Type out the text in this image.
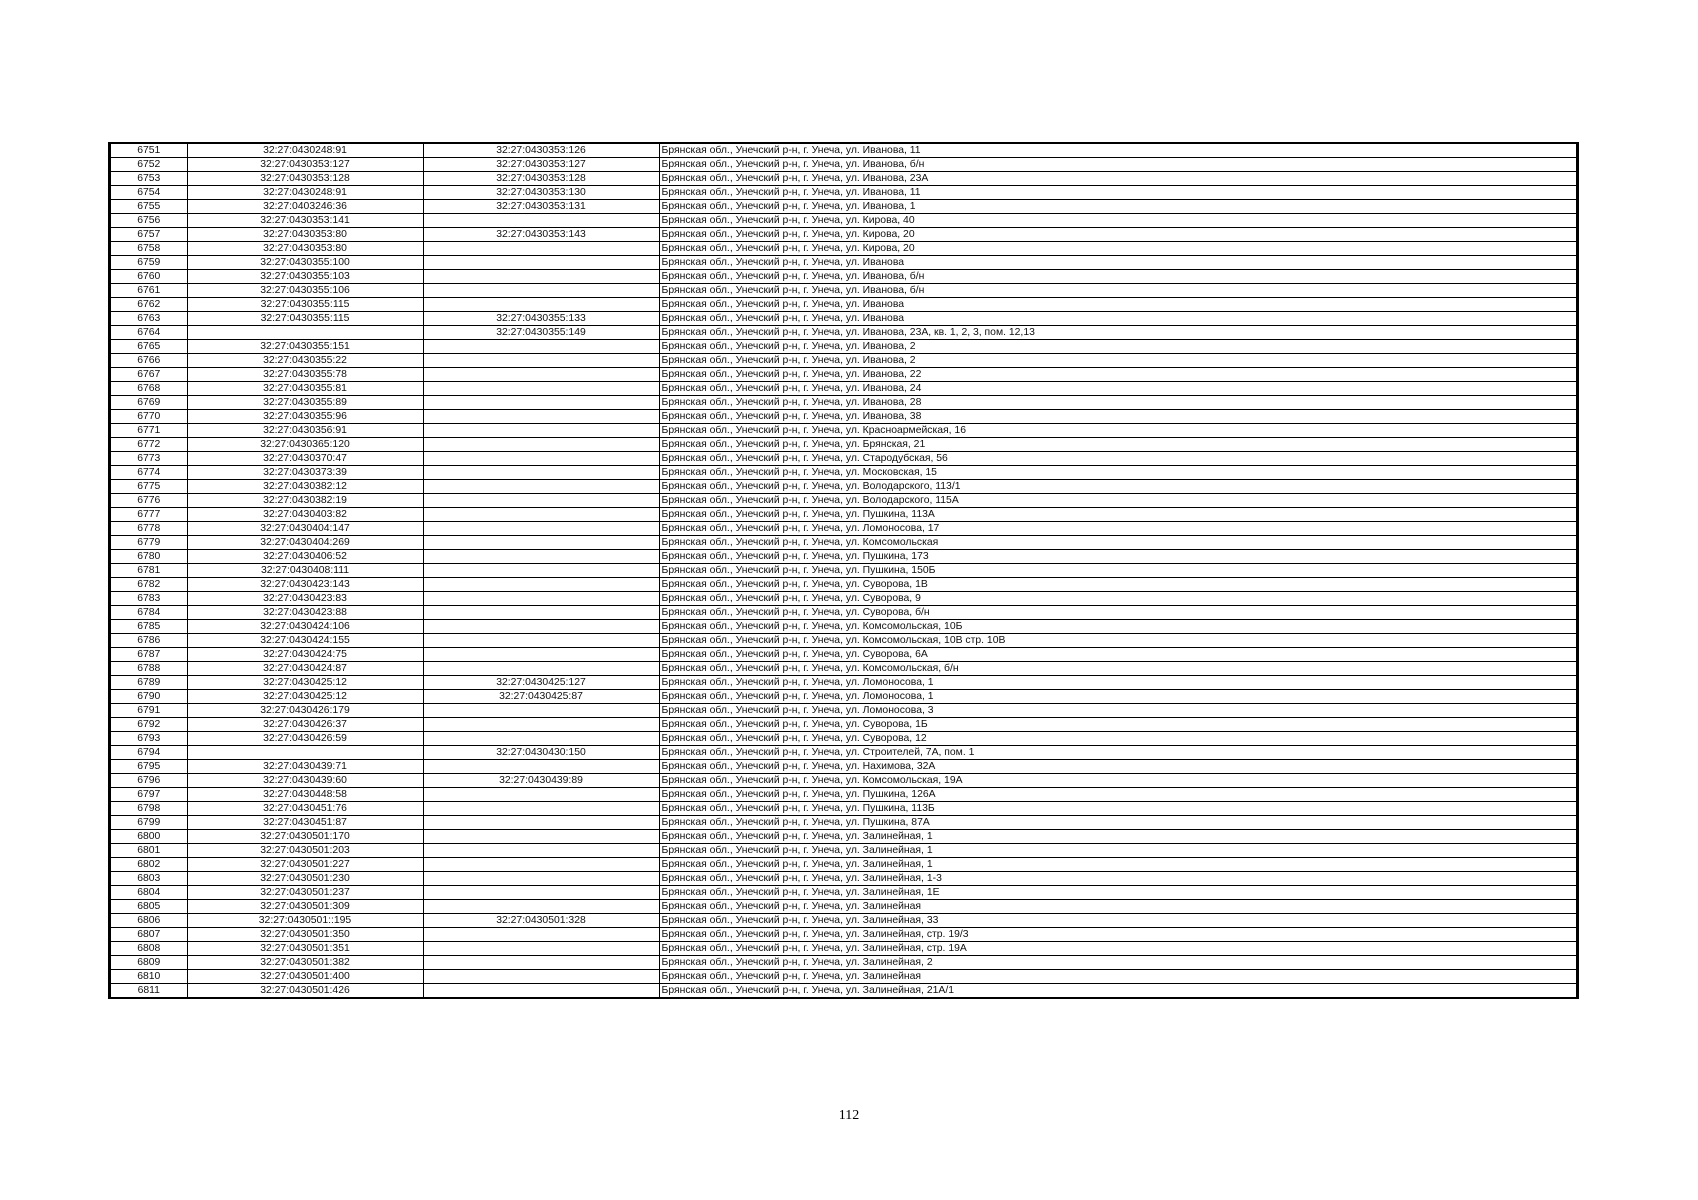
6751	32:27:0430248:91	32:27:0430353:126	Брянская обл., Унечский р-н, г. Унеча, ул. Иванова, 11
6752	32:27:0430353:127	32:27:0430353:127	Брянская обл., Унечский р-н, г. Унеча, ул. Иванова, б/н
6753	32:27:0430353:128	32:27:0430353:128	Брянская обл., Унечский р-н, г. Унеча, ул. Иванова, 23А
6754	32:27:0430248:91	32:27:0430353:130	Брянская обл., Унечский р-н, г. Унеча, ул. Иванова, 11
6755	32:27:0403246:36	32:27:0430353:131	Брянская обл., Унечский р-н, г. Унеча, ул. Иванова, 1
6756	32:27:0430353:141		Брянская обл., Унечский р-н, г. Унеча, ул. Кирова, 40
6757	32:27:0430353:80	32:27:0430353:143	Брянская обл., Унечский р-н, г. Унеча, ул. Кирова, 20
6758	32:27:0430353:80		Брянская обл., Унечский р-н, г. Унеча, ул. Кирова, 20
6759	32:27:0430355:100		Брянская обл., Унечский р-н, г. Унеча, ул. Иванова
6760	32:27:0430355:103		Брянская обл., Унечский р-н, г. Унеча, ул. Иванова, б/н
6761	32:27:0430355:106		Брянская обл., Унечский р-н, г. Унеча, ул. Иванова, б/н
6762	32:27:0430355:115		Брянская обл., Унечский р-н, г. Унеча, ул. Иванова
6763	32:27:0430355:115	32:27:0430355:133	Брянская обл., Унечский р-н, г. Унеча, ул. Иванова
6764		32:27:0430355:149	Брянская обл., Унечский р-н, г. Унеча, ул. Иванова, 23А, кв. 1, 2, 3, пом. 12,13
6765	32:27:0430355:151		Брянская обл., Унечский р-н, г. Унеча, ул. Иванова, 2
6766	32:27:0430355:22		Брянская обл., Унечский р-н, г. Унеча, ул. Иванова, 2
6767	32:27:0430355:78		Брянская обл., Унечский р-н, г. Унеча, ул. Иванова, 22
6768	32:27:0430355:81		Брянская обл., Унечский р-н, г. Унеча, ул. Иванова, 24
6769	32:27:0430355:89		Брянская обл., Унечский р-н, г. Унеча, ул. Иванова, 28
6770	32:27:0430355:96		Брянская обл., Унечский р-н, г. Унеча, ул. Иванова, 38
6771	32:27:0430356:91		Брянская обл., Унечский р-н, г. Унеча, ул. Красноармейская, 16
6772	32:27:0430365:120		Брянская обл., Унечский р-н, г. Унеча, ул. Брянская, 21
6773	32:27:0430370:47		Брянская обл., Унечский р-н, г. Унеча, ул. Стародубская, 56
6774	32:27:0430373:39		Брянская обл., Унечский р-н, г. Унеча, ул. Московская, 15
6775	32:27:0430382:12		Брянская обл., Унечский р-н, г. Унеча, ул. Володарского, 113/1
6776	32:27:0430382:19		Брянская обл., Унечский р-н, г. Унеча, ул. Володарского, 115А
6777	32:27:0430403:82		Брянская обл., Унечский р-н, г. Унеча, ул. Пушкина, 113А
6778	32:27:0430404:147		Брянская обл., Унечский р-н, г. Унеча, ул. Ломоносова, 17
6779	32:27:0430404:269		Брянская обл., Унечский р-н, г. Унеча, ул. Комсомольская
6780	32:27:0430406:52		Брянская обл., Унечский р-н, г. Унеча, ул. Пушкина, 173
6781	32:27:0430408:111		Брянская обл., Унечский р-н, г. Унеча, ул. Пушкина, 150Б
6782	32:27:0430423:143		Брянская обл., Унечский р-н, г. Унеча, ул. Суворова, 1В
6783	32:27:0430423:83		Брянская обл., Унечский р-н, г. Унеча, ул. Суворова, 9
6784	32:27:0430423:88		Брянская обл., Унечский р-н, г. Унеча, ул. Суворова, б/н
6785	32:27:0430424:106		Брянская обл., Унечский р-н, г. Унеча, ул. Комсомольская, 10Б
6786	32:27:0430424:155		Брянская обл., Унечский р-н, г. Унеча, ул. Комсомольская, 10В стр. 10В
6787	32:27:0430424:75		Брянская обл., Унечский р-н, г. Унеча, ул. Суворова, 6А
6788	32:27:0430424:87		Брянская обл., Унечский р-н, г. Унеча, ул. Комсомольская, б/н
6789	32:27:0430425:12	32:27:0430425:127	Брянская обл., Унечский р-н, г. Унеча, ул. Ломоносова, 1
6790	32:27:0430425:12	32:27:0430425:87	Брянская обл., Унечский р-н, г. Унеча, ул. Ломоносова, 1
6791	32:27:0430426:179		Брянская обл., Унечский р-н, г. Унеча, ул. Ломоносова, 3
6792	32:27:0430426:37		Брянская обл., Унечский р-н, г. Унеча, ул. Суворова, 1Б
6793	32:27:0430426:59		Брянская обл., Унечский р-н, г. Унеча, ул. Суворова, 12
6794		32:27:0430430:150	Брянская обл., Унечский р-н, г. Унеча, ул. Строителей, 7А, пом. 1
6795	32:27:0430439:71		Брянская обл., Унечский р-н, г. Унеча, ул. Нахимова, 32А
6796	32:27:0430439:60	32:27:0430439:89	Брянская обл., Унечский р-н, г. Унеча, ул. Комсомольская, 19А
6797	32:27:0430448:58		Брянская обл., Унечский р-н, г. Унеча, ул. Пушкина, 126А
6798	32:27:0430451:76		Брянская обл., Унечский р-н, г. Унеча, ул. Пушкина, 113Б
6799	32:27:0430451:87		Брянская обл., Унечский р-н, г. Унеча, ул. Пушкина, 87А
6800	32:27:0430501:170		Брянская обл., Унечский р-н, г. Унеча, ул. Залинейная, 1
6801	32:27:0430501:203		Брянская обл., Унечский р-н, г. Унеча, ул. Залинейная, 1
6802	32:27:0430501:227		Брянская обл., Унечский р-н, г. Унеча, ул. Залинейная, 1
6803	32:27:0430501:230		Брянская обл., Унечский р-н, г. Унеча, ул. Залинейная, 1-3
6804	32:27:0430501:237		Брянская обл., Унечский р-н, г. Унеча, ул. Залинейная, 1Е
6805	32:27:0430501:309		Брянская обл., Унечский р-н, г. Унеча, ул. Залинейная
6806	32:27:0430501::195	32:27:0430501:328	Брянская обл., Унечский р-н, г. Унеча, ул. Залинейная, 33
6807	32:27:0430501:350		Брянская обл., Унечский р-н, г. Унеча, ул. Залинейная, стр. 19/3
6808	32:27:0430501:351		Брянская обл., Унечский р-н, г. Унеча, ул. Залинейная, стр. 19А
6809	32:27:0430501:382		Брянская обл., Унечский р-н, г. Унеча, ул. Залинейная, 2
6810	32:27:0430501:400		Брянская обл., Унечский р-н, г. Унеча, ул. Залинейная
6811	32:27:0430501:426		Брянская обл., Унечский р-н, г. Унеча, ул. Залинейная, 21А/1
112
